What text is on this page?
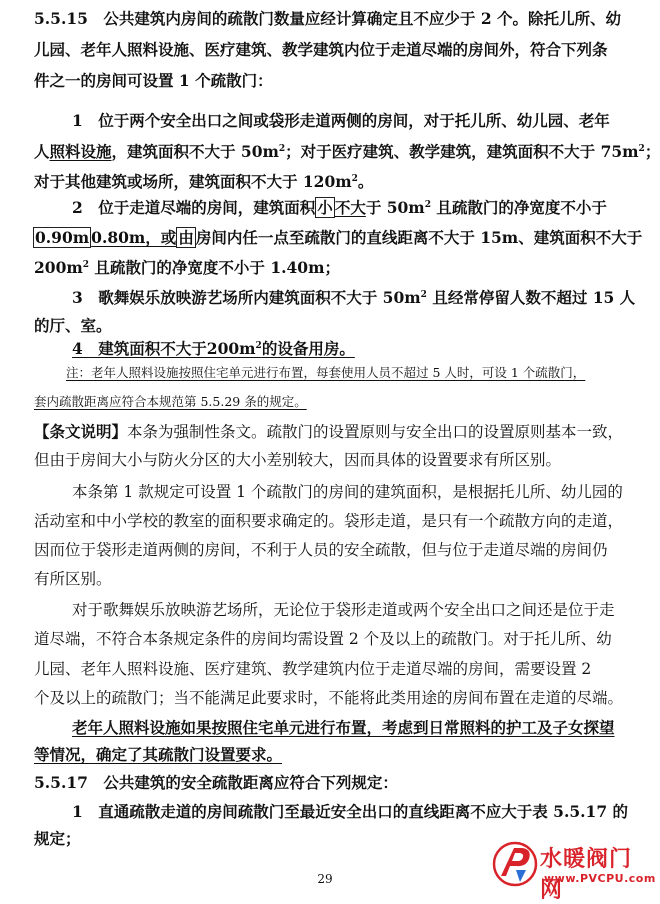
5.5.15　公共建筑内房间的疏散门数量应经计算确定且不应少于 2 个。除托儿所、幼
儿园、老年人照料设施、医疗建筑、教学建筑内位于走道尽端的房间外，符合下列条
件之一的房间可设置 1 个疏散门：
1　位于两个安全出口之间或袋形走道两侧的房间，对于托儿所、幼儿园、老年
人照料设施，建筑面积不大于 $50m^2$；对于医疗建筑、教学建筑，建筑面积不大于 $75m^2$；
对于其他建筑或场所，建筑面积不大于 $120m^2$。
2　位于走道尽端的房间，建筑面积 小 不大于 $50m^2$ 且疏散门的净宽度不小于
0.90m 0.80m，或 由 房间内任一点至疏散门的直线距离不大于 15m、建筑面积不大于
$200m^2$ 且疏散门的净宽度不小于 1.40m；
3　歌舞娱乐放映游艺场所内建筑面积不大于 $50m^2$ 且经常停留人数不超过 15 人
的厅、室。
4　建筑面积不大于$200m^2$的设备用房。
注：老年人照料设施按照住宅单元进行布置，每套使用人员不超过 5 人时，可设 1 个疏散门，
套内疏散距离应符合本规范第 5.5.29 条的规定。
【条文说明】本条为强制性条文。疏散门的设置原则与安全出口的设置原则基本一致，
但由于房间大小与防火分区的大小差别较大，因而具体的设置要求有所区别。
本条第 1 款规定可设置 1 个疏散门的房间的建筑面积，是根据托儿所、幼儿园的
活动室和中小学校的教室的面积要求确定的。袋形走道，是只有一个疏散方向的走道，
因而位于袋形走道两侧的房间，不利于人员的安全疏散，但与位于走道尽端的房间仍
有所区别。
对于歌舞娱乐放映游艺场所，无论位于袋形走道或两个安全出口之间还是位于走
道尽端，不符合本条规定条件的房间均需设置 2 个及以上的疏散门。对于托儿所、幼
儿园、老年人照料设施、医疗建筑、教学建筑内位于走道尽端的房间，需要设置 2
个及以上的疏散门；当不能满足此要求时，不能将此类用途的房间布置在走道的尽端。
老年人照料设施如果按照住宅单元进行布置，考虑到日常照料的护工及子女探望
等情况，确定了其疏散门设置要求。
5.5.17　公共建筑的安全疏散距离应符合下列规定：
1　直通疏散走道的房间疏散门至最近安全出口的直线距离不应大于表 5.5.17 的
规定；
29
水暖阀门网
www.PVCPU.com
